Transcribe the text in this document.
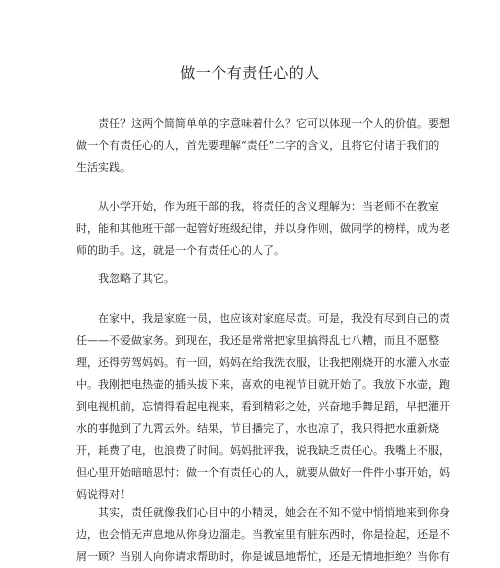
做一个有责任心的人
责任？这两个简简单单的字意味着什么？它可以体现一个人的价值。要想
做一个有责任心的人，首先要理解“责任”二字的含义，且将它付诸于我们的
生活实践。
从小学开始，作为班干部的我，将责任的含义理解为：当老师不在教室
时，能和其他班干部一起管好班级纪律，并以身作则，做同学的榜样，成为老
师的助手。这，就是一个有责任心的人了。
我忽略了其它。
在家中，我是家庭一员，也应该对家庭尽责。可是，我没有尽到自己的责
任——不爱做家务。到现在，我还是常常把家里搞得乱七八糟，而且不愿整
理，还得劳驾妈妈。有一回，妈妈在给我洗衣服，让我把刚烧开的水灌入水壶
中。我刚把电热壶的插头拔下来，喜欢的电视节目就开始了。我放下水壶，跑
到电视机前，忘情得看起电视来，看到精彩之处，兴奋地手舞足蹈，早把灌开
水的事抛到了九霄云外。结果，节目播完了，水也凉了，我只得把水重新烧
开，耗费了电，也浪费了时间。妈妈批评我，说我缺乏责任心。我嘴上不服，
但心里开始暗暗思忖：做一个有责任心的人，就要从做好一件件小事开始，妈
妈说得对！
其实，责任就像我们心目中的小精灵，她会在不知不觉中悄悄地来到你身
边，也会悄无声息地从你身边溜走。当教室里有脏东西时，你是捡起，还是不
屑一顾？当别人向你请求帮助时，你是诚恳地帮忙，还是无情地拒绝？当你有
